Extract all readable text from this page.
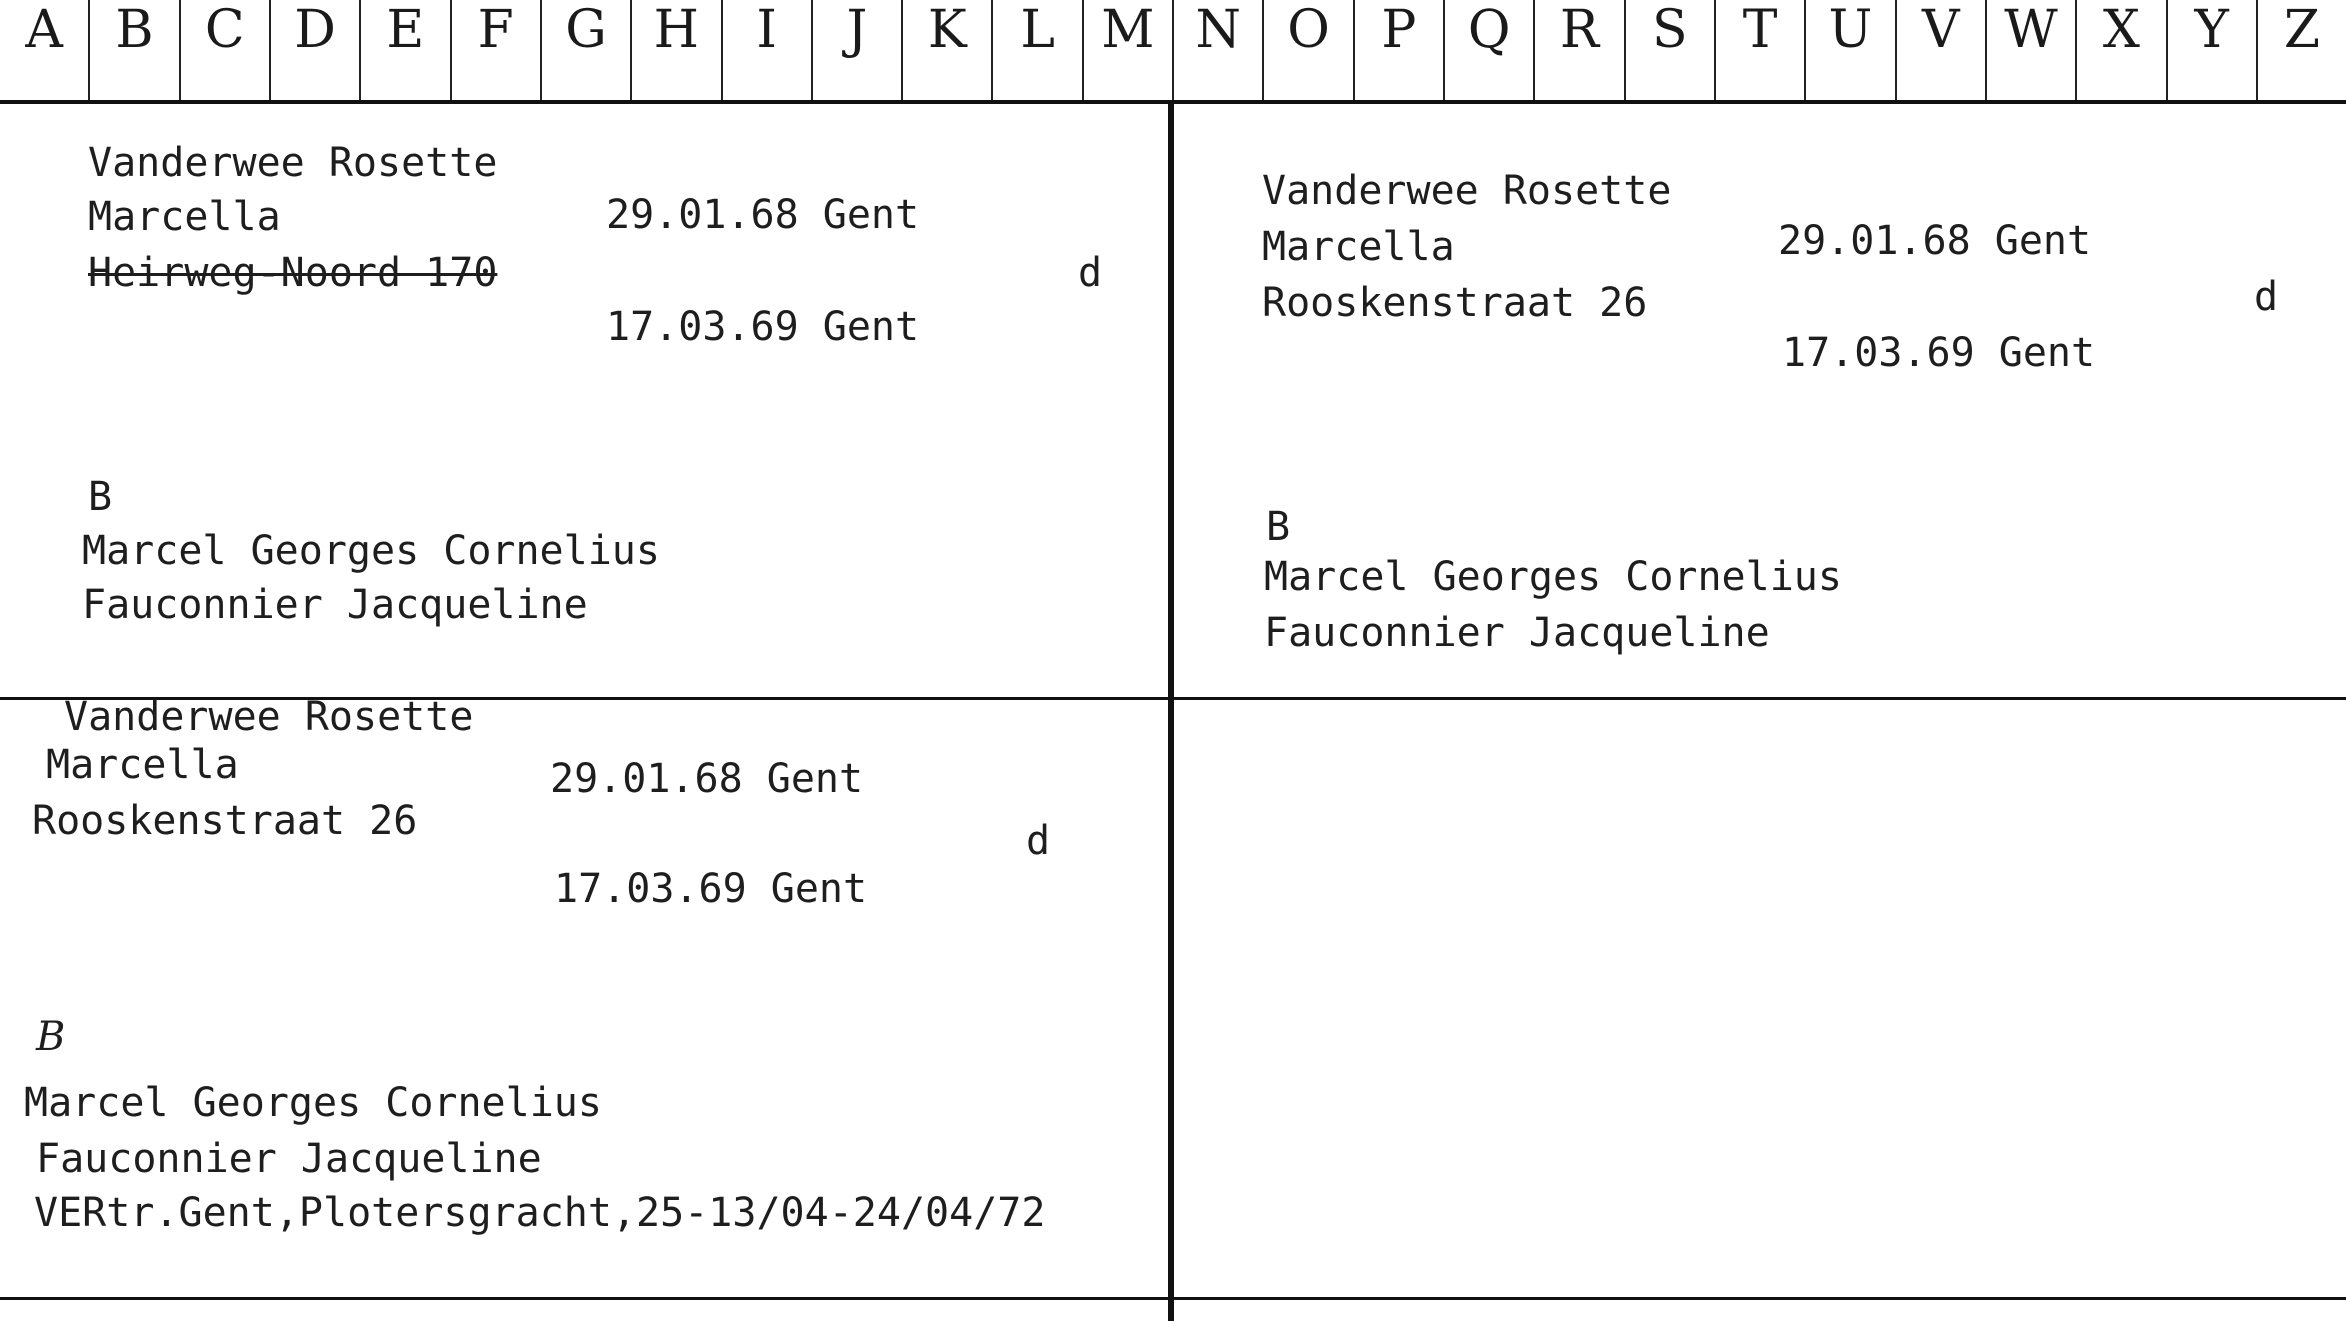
A	B C D E	F G H	I	J	K	L M N O P Q R	S	T U V W X	Y	Z
Vanderwee Rosette
Marcella
Heirweg-Noord 170
29.01.68 Gent
d
17.03.69 Gent
B
Marcel Georges Cornelius
Fauconnier Jacqueline
Vanderwee Rosette
Marcella
Rooskenstraat 26
29.01.68 Gent
d
17.03.69 Gent
B
Marcel Georges Cornelius
Fauconnier Jacqueline
Vanderwee Rosette
Marcella
Rooskenstraat 26
29.01.68 Gent
d
17.03.69 Gent
B
Marcel Georges Cornelius
Fauconnier Jacqueline
VERtr.Gent,Plotersgracht,25-13/04-24/04/72
